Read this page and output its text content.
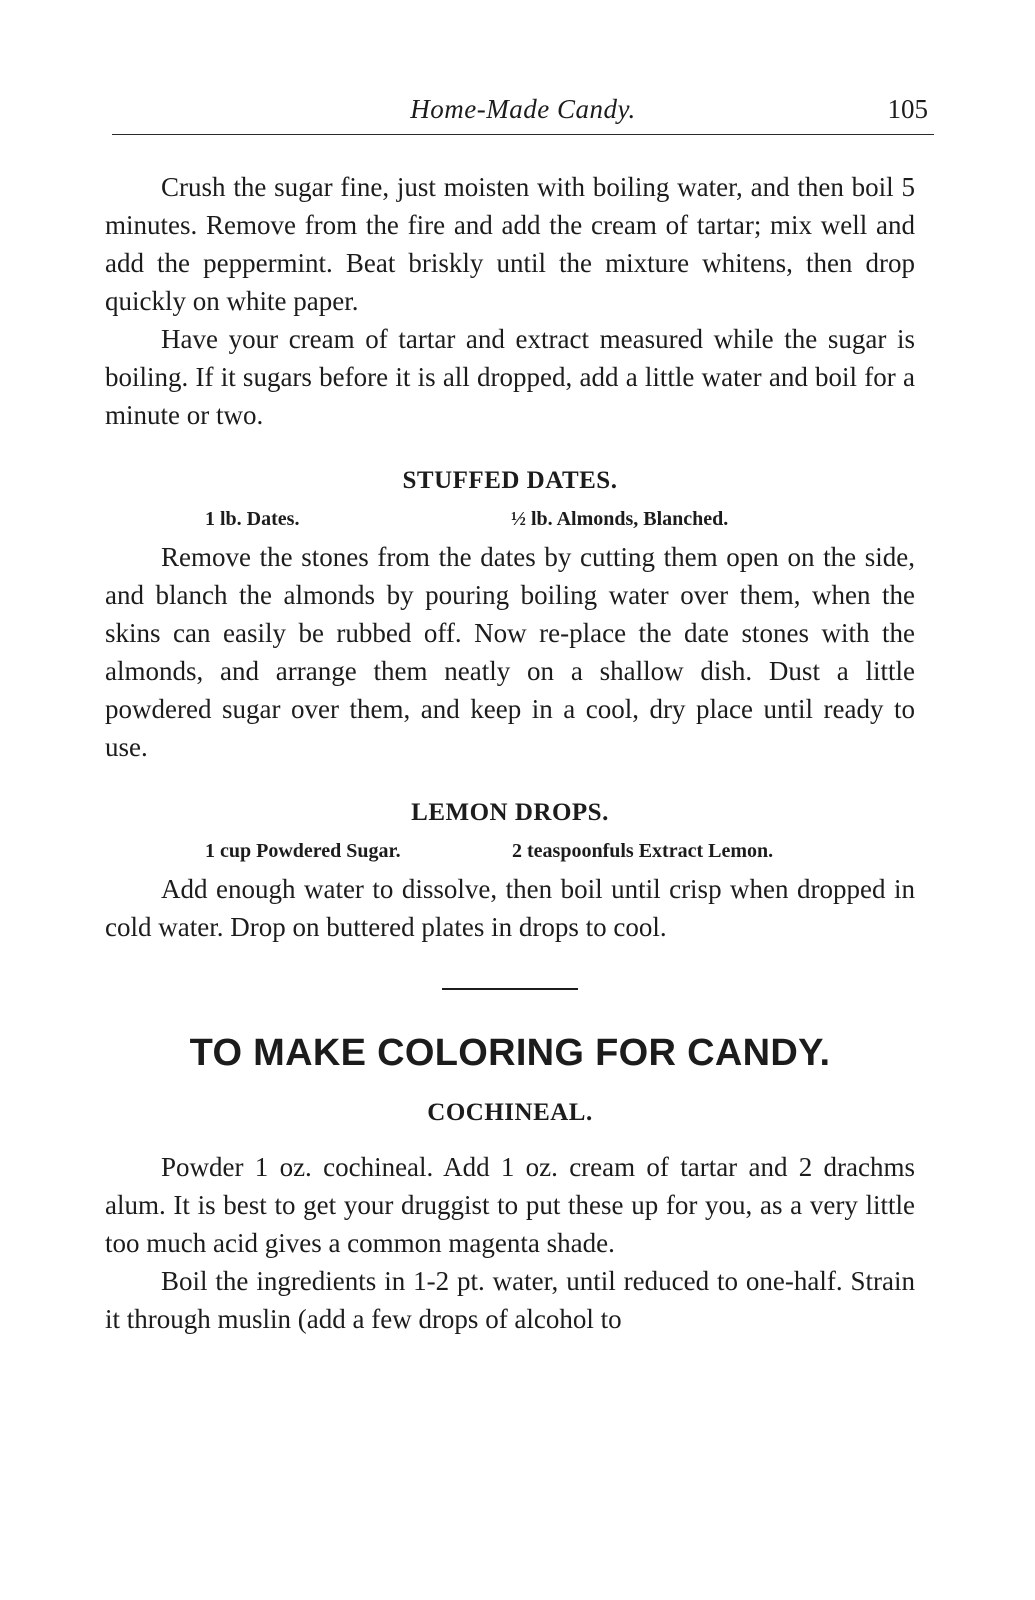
Home-Made Candy.	105

Crush the sugar fine, just moisten with boiling water, and then boil 5 minutes. Remove from the fire and add the cream of tartar; mix well and add the peppermint. Beat briskly until the mixture whitens, then drop quickly on white paper.

Have your cream of tartar and extract measured while the sugar is boiling. If it sugars before it is all dropped, add a little water and boil for a minute or two.

STUFFED DATES.
1 lb. Dates.	½ lb. Almonds, Blanched.

Remove the stones from the dates by cutting them open on the side, and blanch the almonds by pouring boiling water over them, when the skins can easily be rubbed off. Now re-place the date stones with the almonds, and arrange them neatly on a shallow dish. Dust a little powdered sugar over them, and keep in a cool, dry place until ready to use.

LEMON DROPS.
1 cup Powdered Sugar.	2 teaspoonfuls Extract Lemon.

Add enough water to dissolve, then boil until crisp when dropped in cold water. Drop on buttered plates in drops to cool.

TO MAKE COLORING FOR CANDY.
COCHINEAL.

Powder 1 oz. cochineal. Add 1 oz. cream of tartar and 2 drachms alum. It is best to get your druggist to put these up for you, as a very little too much acid gives a common magenta shade.

Boil the ingredients in 1-2 pt. water, until reduced to one-half. Strain it through muslin (add a few drops of alcohol to
